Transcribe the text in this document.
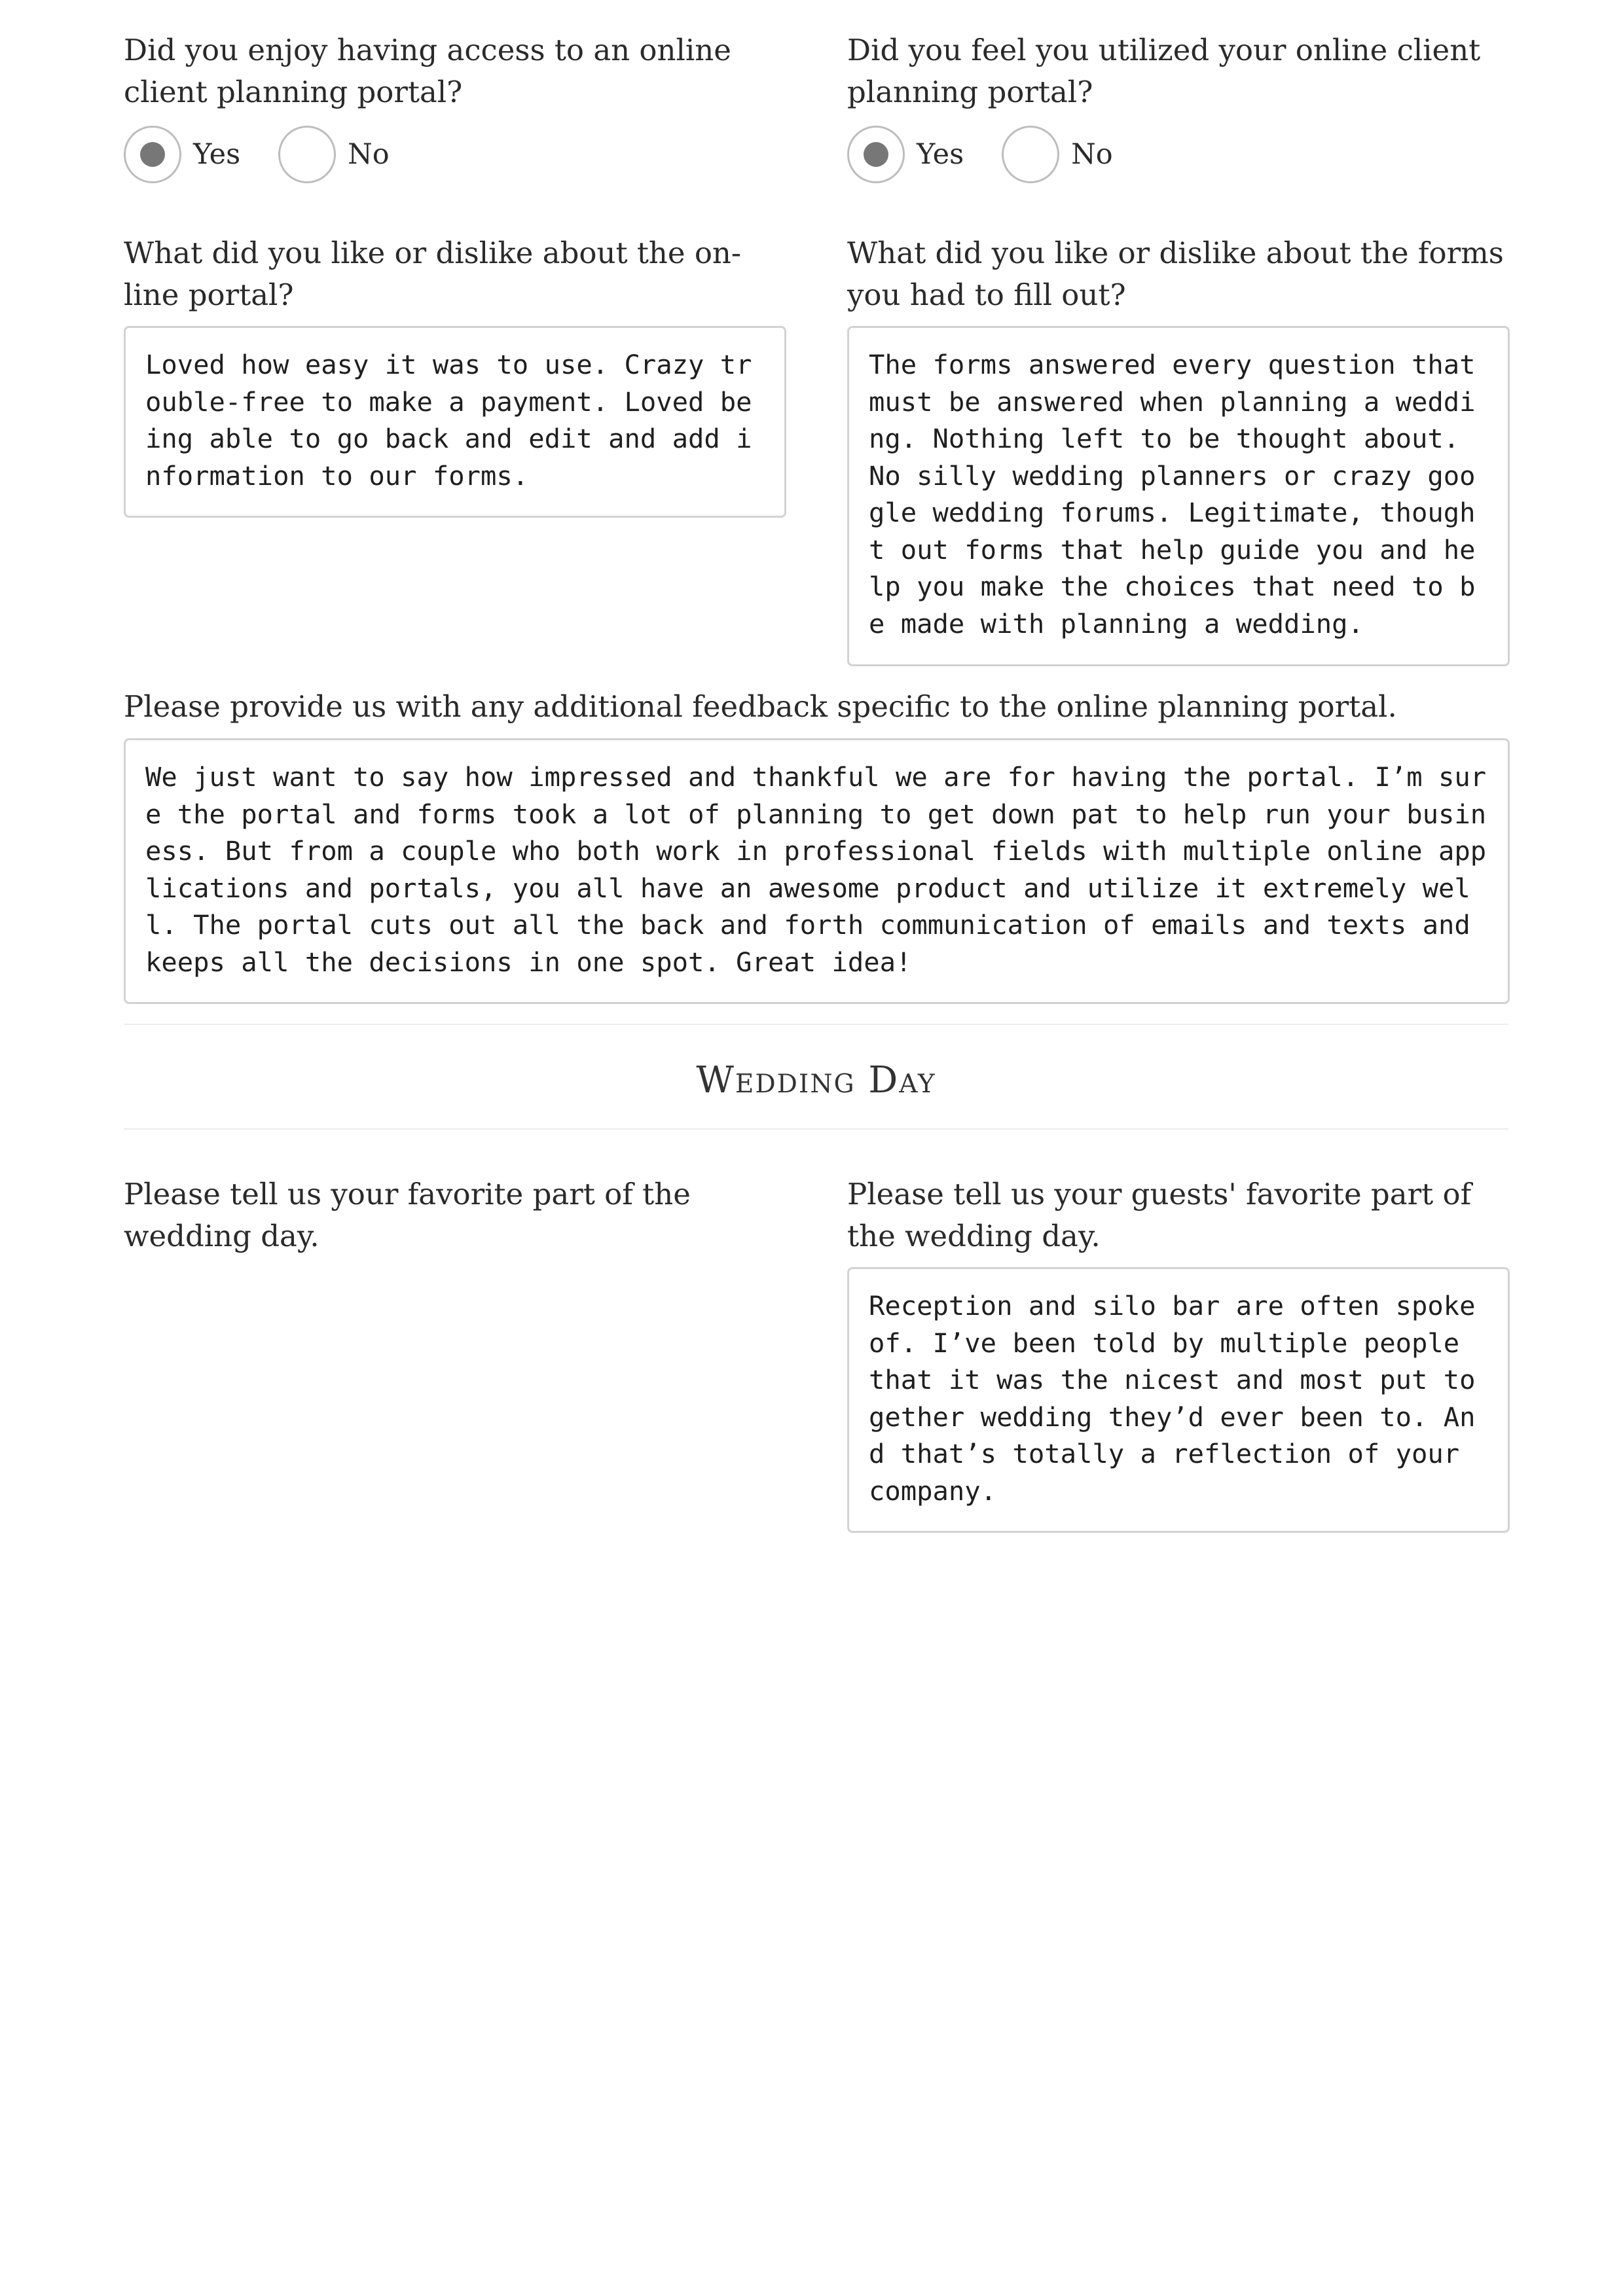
Did you enjoy having access to an online client planning portal?
Yes	No
Did you feel you utilized your online client planning portal?
Yes	No
What did you like or dislike about the on-line portal?
Loved how easy it was to use. Crazy trouble-free to make a payment. Loved being able to go back and edit and add information to our forms.
What did you like or dislike about the forms you had to fill out?
The forms answered every question that must be answered when planning a wedding. Nothing left to be thought about. No silly wedding planners or crazy google wedding forums. Legitimate, thought out forms that help guide you and help you make the choices that need to be made with planning a wedding.
Please provide us with any additional feedback specific to the online planning portal.
We just want to say how impressed and thankful we are for having the portal. I’m sure the portal and forms took a lot of planning to get down pat to help run your business. But from a couple who both work in professional fields with multiple online applications and portals, you all have an awesome product and utilize it extremely well. The portal cuts out all the back and forth communication of emails and texts and keeps all the decisions in one spot. Great idea!
Wedding Day
Please tell us your favorite part of the wedding day.
Please tell us your guests' favorite part of the wedding day.
Reception and silo bar are often spoke of. I’ve been told by multiple people that it was the nicest and most put together wedding they’d ever been to. And that’s totally a reflection of your company.
